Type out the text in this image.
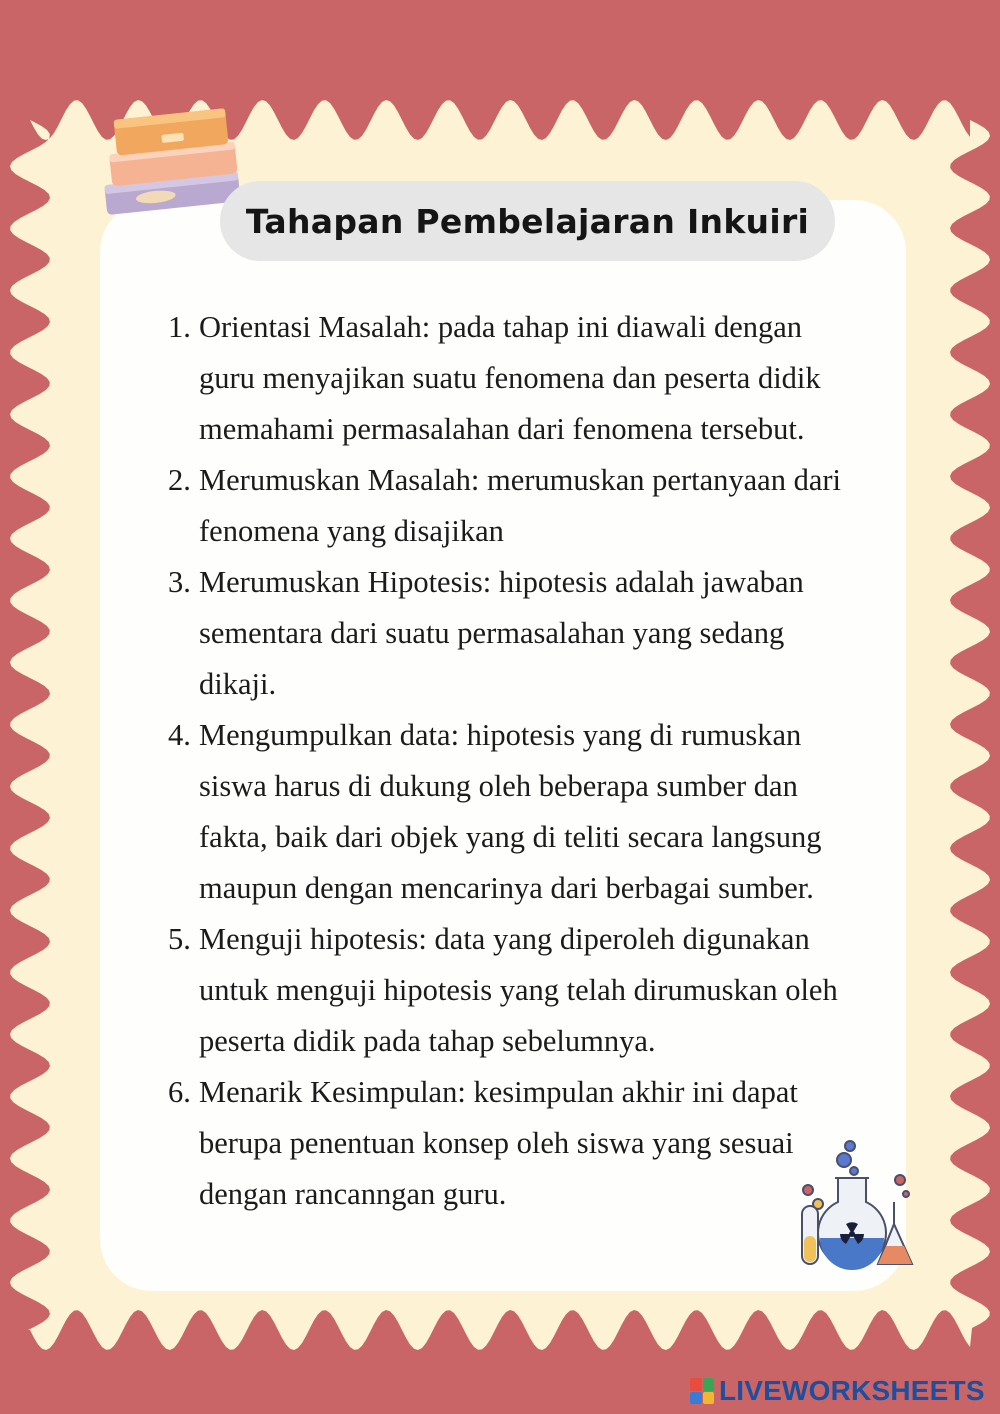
Tahapan Pembelajaran Inkuiri
1. Orientasi Masalah: pada tahap ini diawali dengan
guru menyajikan suatu fenomena dan peserta didik
memahami permasalahan dari fenomena tersebut.
2. Merumuskan Masalah: merumuskan pertanyaan dari
fenomena yang disajikan
3. Merumuskan Hipotesis: hipotesis adalah jawaban
sementara dari suatu permasalahan yang sedang
dikaji.
4. Mengumpulkan data: hipotesis yang di rumuskan
siswa harus di dukung oleh beberapa sumber dan
fakta, baik dari objek yang di teliti secara langsung
maupun dengan mencarinya dari berbagai sumber.
5. Menguji hipotesis: data yang diperoleh digunakan
untuk menguji hipotesis yang telah dirumuskan oleh
peserta didik pada tahap sebelumnya.
6. Menarik Kesimpulan: kesimpulan akhir ini dapat
berupa penentuan konsep oleh siswa yang sesuai
dengan rancanngan guru.
LIVEWORKSHEETS
